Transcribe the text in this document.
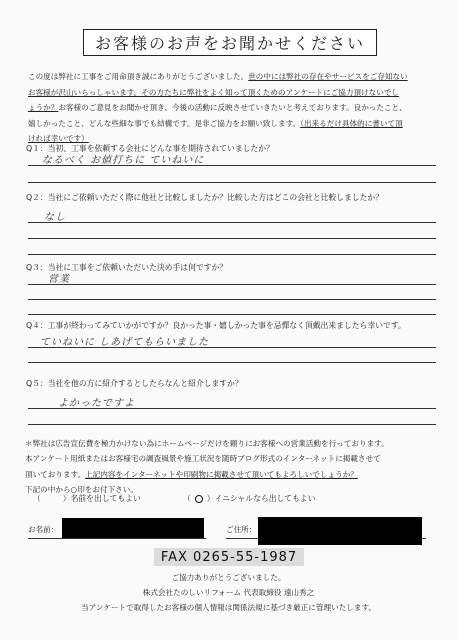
お客様のお声をお聞かせください
この度は弊社に工事をご用命頂き誠にありがとうございました。世の中には弊社の存在やサービスをご存知ない
お客様が沢山いらっしゃいます。その方たちに弊社をよく知って頂くためのアンケートにご協力頂けないでし
ょうか？お客様のご意見をお聞かせ頂き、今後の活動に反映させていきたいと考えております。良かったこと、
嬉しかったこと、どんな些細な事でも結構です。是非ご協力をお願い致します。（出来るだけ具体的に書いて頂
ければ幸いです）
Q１：当初、工事を依頼する会社にどんな事を期待されていましたか？
なるべく お値打ちに ていねいに
Q２：当社にご依頼いただく際に他社と比較しましたか？比較した方はどこの会社と比較しましたか？
なし
Q３：当社に工事をご依頼いただいた決め手は何ですか？
営業
Q４：工事が終わってみていかがですか？良かった事・嬉しかった事を忌憚なく頂戴出来ましたら幸いです。
ていねいに しあげてもらいました
Q５：当社を他の方に紹介するとしたらなんと紹介しますか？
よかったですよ
＊弊社は広告宣伝費を極力かけない為にホームページだけを頼りにお客様への営業活動を行っております。
本アンケート用紙またはお客様宅の調査風景や施工状況を随時ブログ形式のインターネットに掲載させて
頂いております。上記内容をインターネットや印刷物に掲載させて頂いてもよろしいでしょうか？
下記の中から○印をお付下さい。
（	）名前を出してもよい	（ ）イニシャルなら出してもよい
お名前：	ご住所：
FAX 0265-55-1987
ご協力ありがとうございました。
株式会社たのしいリフォーム 代表取締役 遠山秀之
当アンケートで取得したお客様の個人情報は関係法規に基づき厳正に管理いたします。
